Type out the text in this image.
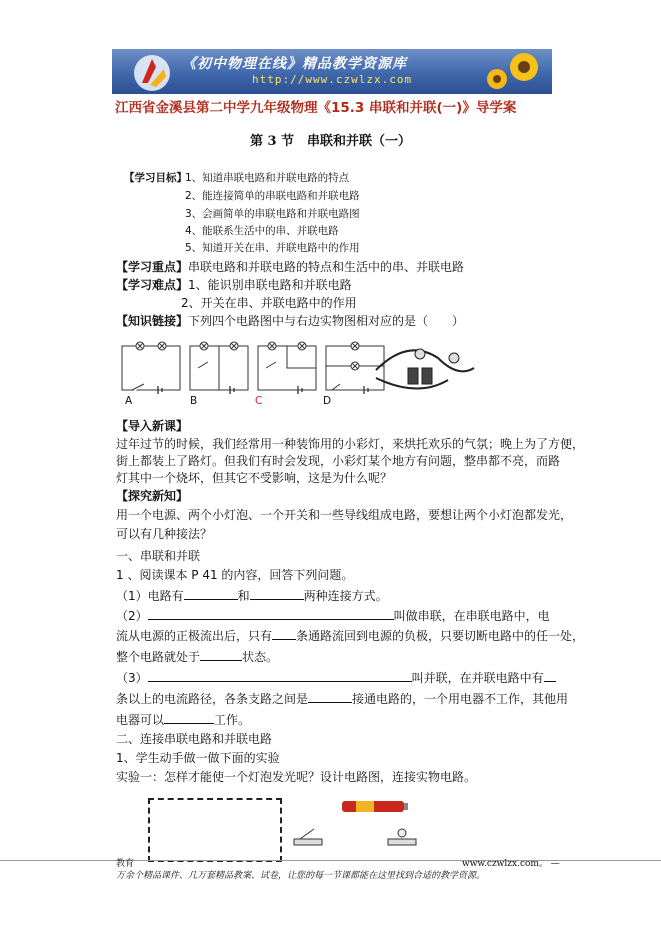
《初中物理在线》精品教学资源库
http://www.czwlzx.com
江西省金溪县第二中学九年级物理《15.3 串联和并联(一)》导学案
第 3 节　串联和并联（一）
【学习目标】
1、知道串联电路和并联电路的特点
2、能连接简单的串联电路和并联电路
3、会画简单的串联电路和并联电路图
4、能联系生活中的串、并联电路
5、知道开关在串、并联电路中的作用
【学习重点】串联电路和并联电路的特点和生活中的串、并联电路
【学习难点】1、能识别串联电路和并联电路
2、开关在串、并联电路中的作用
【知识链接】下列四个电路图中与右边实物图相对应的是（　　）
A	B	C	D
【导入新课】
过年过节的时候，我们经常用一种装饰用的小彩灯，来烘托欢乐的气氛；晚上为了方便，
街上都装上了路灯。但我们有时会发现，小彩灯某个地方有问题，整串都不亮，而路
灯其中一个烧坏，但其它不受影响，这是为什么呢？
【探究新知】
用一个电源、两个小灯泡、一个开关和一些导线组成电路，要想让两个小灯泡都发光，
可以有几种接法？
一、串联和并联
1 、阅读课本 P 41 的内容，回答下列问题。
（1）电路有	和	两种连接方式。
（2）	叫做串联，在串联电路中，电
流从电源的正极流出后，只有 条通路流回到电源的负极，只要切断电路中的任一处，
整个电路就处于	状态。
（3）	叫并联，在并联电路中有
条以上的电流路径，各条支路之间是	接通电路的，一个用电器不工作，其他用
电器可以	工作。
二、连接串联电路和并联电路
1、学生动手做一做下面的实验
实验一：怎样才能使一个灯泡发光呢？设计电路图，连接实物电路。
教育	www.czwlzx.com。 —
万余个精品课件、几万套精品教案、试卷，让您的每一节课都能在这里找到合适的教学资源。
